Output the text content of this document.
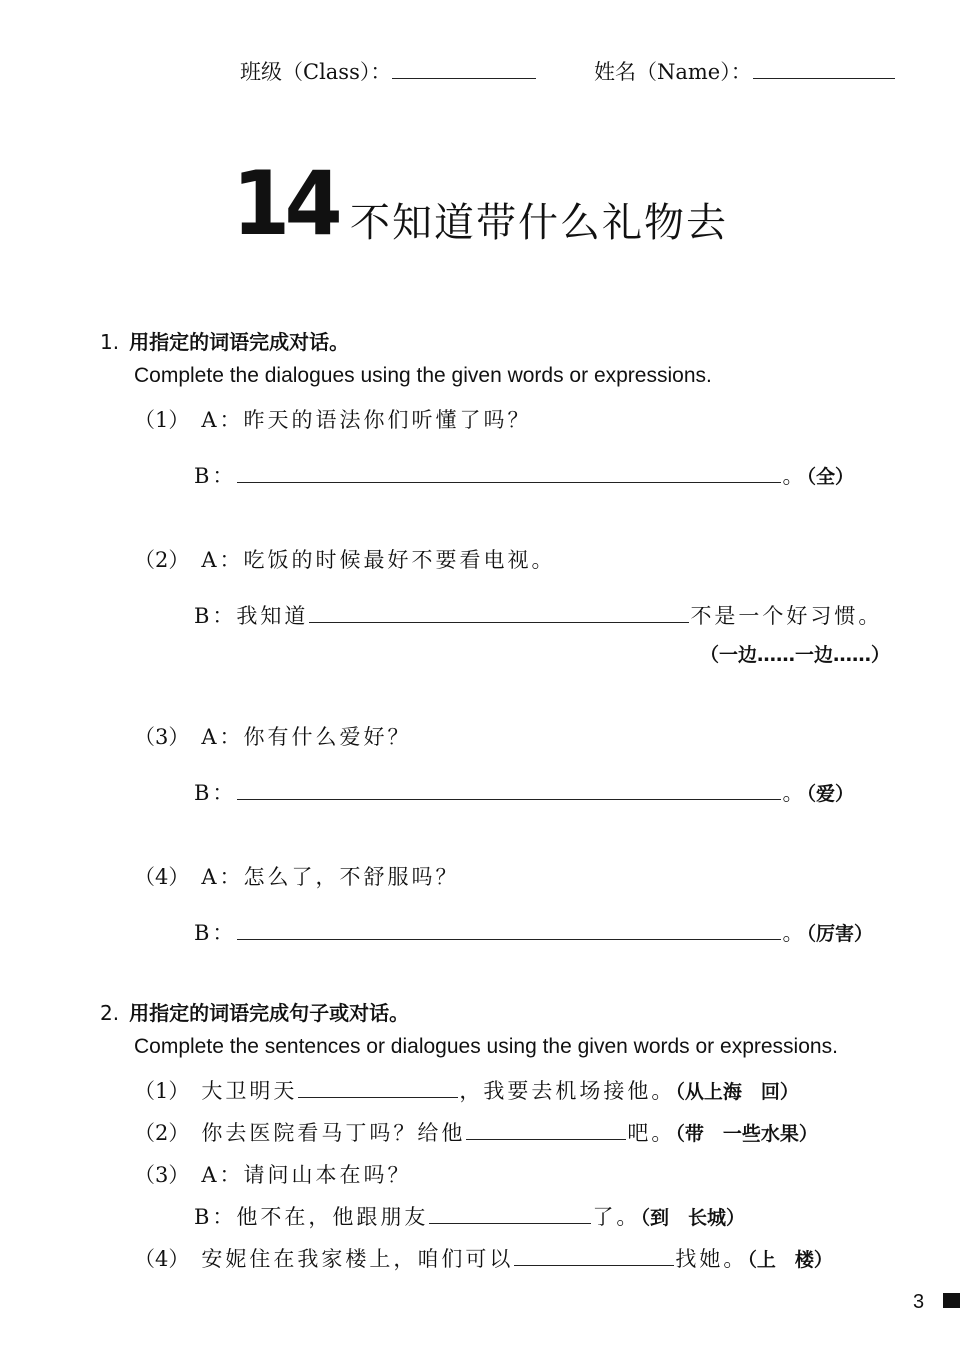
班级（Class）：	姓名（Name）：
14 不知道带什么礼物去
1. 用指定的词语完成对话。
Complete the dialogues using the given words or expressions.
（1） A：昨天的语法你们听懂了吗？
B：	。（全）
（2） A：吃饭的时候最好不要看电视。
B：我知道	不是一个好习惯。
（一边……一边……）
（3） A：你有什么爱好？
B：	。（爱）
（4） A：怎么了，不舒服吗？
B：	。（厉害）
2. 用指定的词语完成句子或对话。
Complete the sentences or dialogues using the given words or expressions.
（1） 大卫明天	，我要去机场接他。（从上海　回）
（2） 你去医院看马丁吗？给他	吧。（带　一些水果）
（3） A：请问山本在吗？
B：他不在，他跟朋友	了。（到　长城）
（4） 安妮住在我家楼上，咱们可以	找她。（上　楼）
3
